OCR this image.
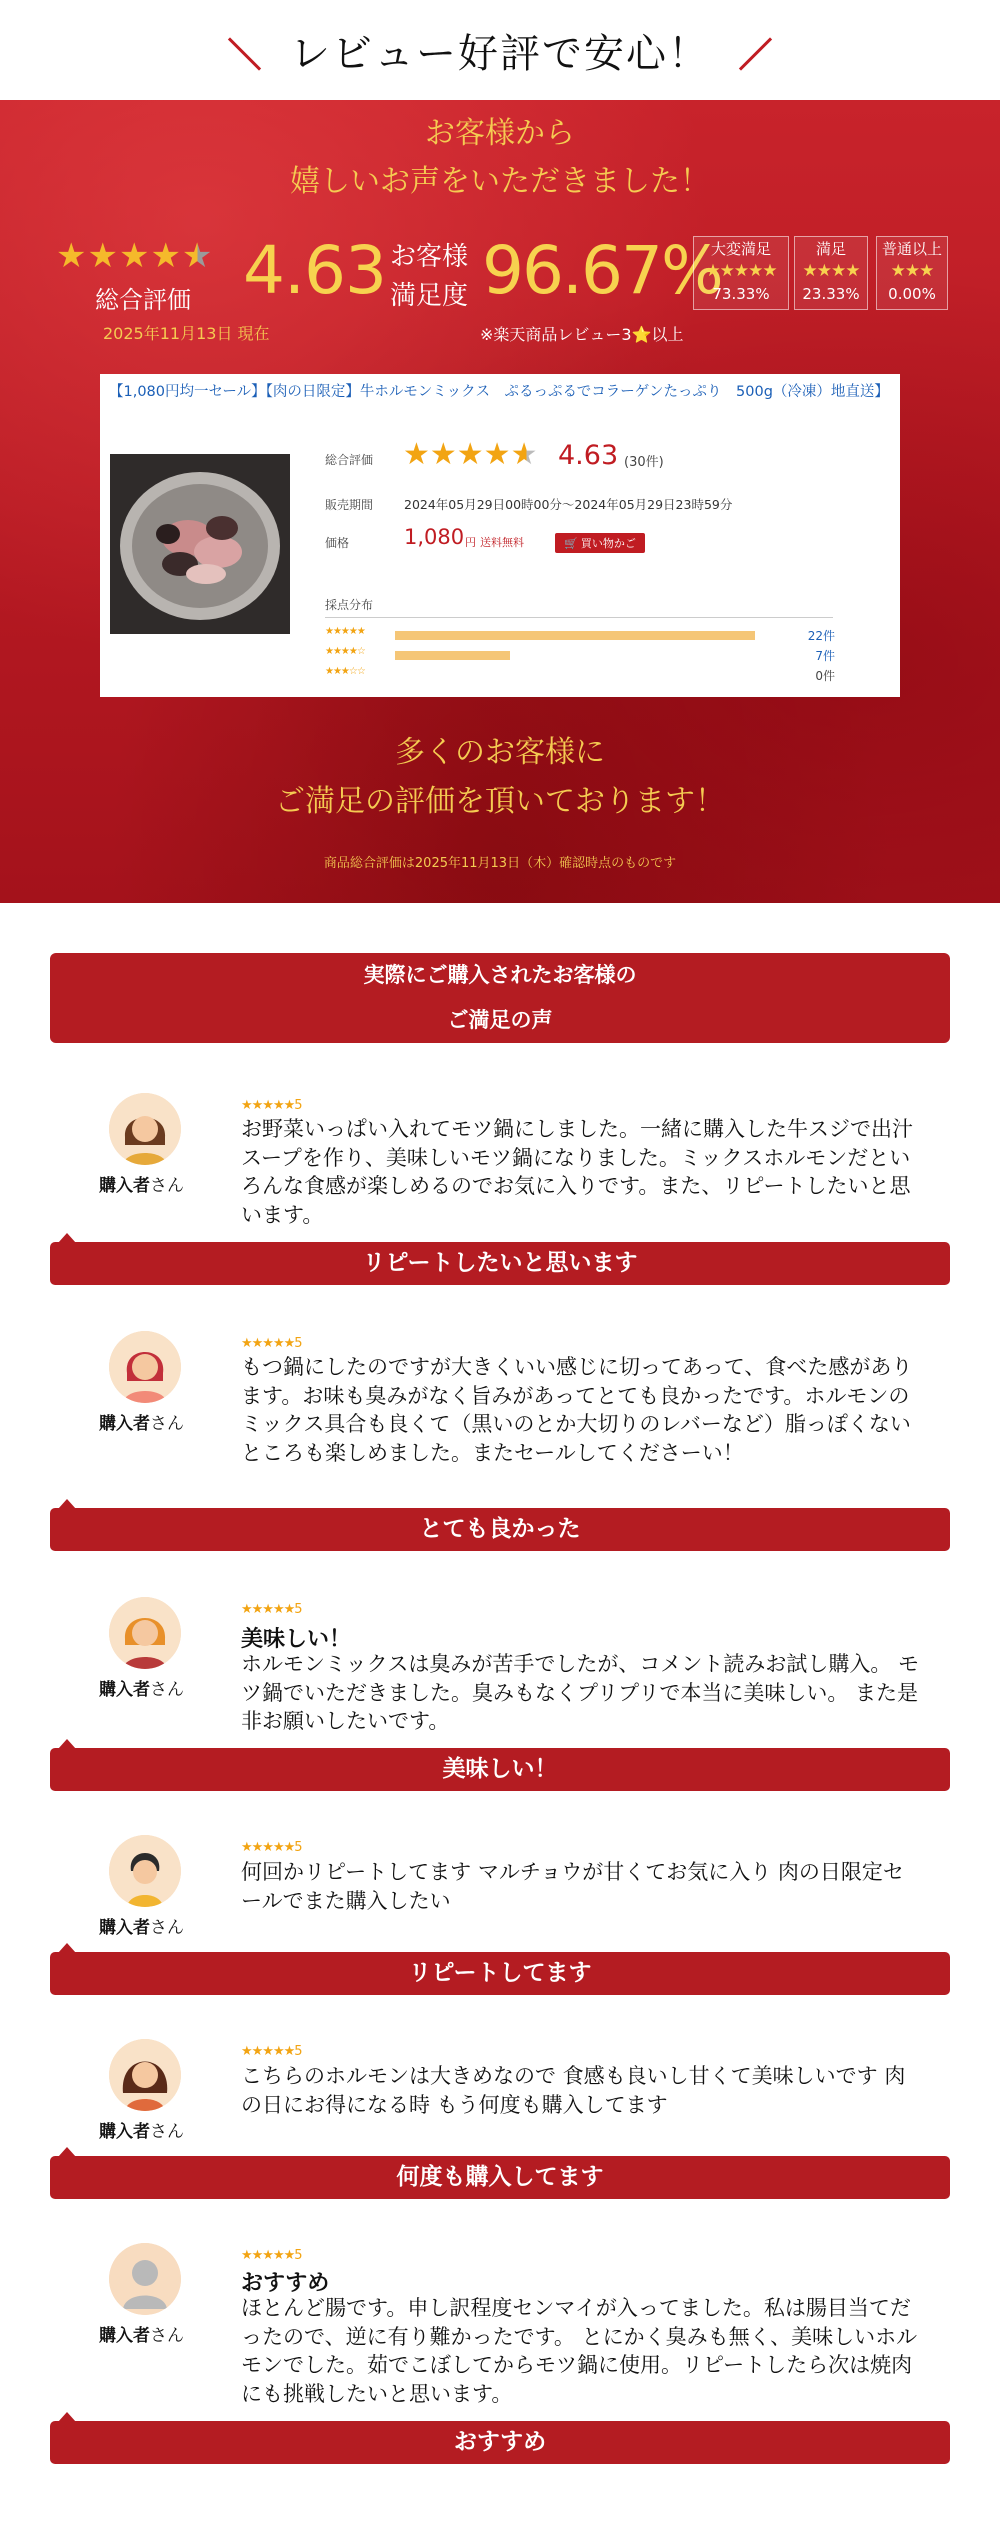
レビュー好評で安心！
お客様から
嬉しいお声をいただきました！
★★★★★
総合評価
2025年11月13日 現在
4.63 お客様
満足度 96.67%
※楽天商品レビュー3⭐以上
大変満足
★★★★★
73.33%
満足
★★★★
23.33%
普通以上
★★★
0.00%
【1,080円均一セール】【肉の日限定】牛ホルモンミックス　ぷるっぷるでコラーゲンたっぷり　500g（冷凍）地直送】
総合評価 ★★★★★ 4.63 (30件)
販売期間 2024年05月29日00時00分～2024年05月29日23時59分
価格	1,080 円 送料無料	🛒 買い物かご
採点分布
★★★★★	22件
★★★★☆	7件
★★★☆☆	0件
多くのお客様に
ご満足の評価を頂いております！
商品総合評価は2025年11月13日（木）確認時点のものです
実際にご購入されたお客様の
ご満足の声
購入者さん
★★★★★5
お野菜いっぱい入れてモツ鍋にしました。一緒に購入した牛スジで出汁スープを作り、美味しいモツ鍋になりました。ミックスホルモンだといろんな食感が楽しめるのでお気に入りです。また、リピートしたいと思います。
リピートしたいと思います
購入者さん
★★★★★5
もつ鍋にしたのですが大きくいい感じに切ってあって、食べた感があります。お味も臭みがなく旨みがあってとても良かったです。ホルモンのミックス具合も良くて（黒いのとか大切りのレバーなど）脂っぽくないところも楽しめました。またセールしてくださーい！
とても良かった
購入者さん
★★★★★5
美味しい！
ホルモンミックスは臭みが苦手でしたが、コメント読みお試し購入。 モツ鍋でいただきました。臭みもなくプリプリで本当に美味しい。 また是非お願いしたいです。
美味しい！
購入者さん
★★★★★5
何回かリピートしてます マルチョウが甘くてお気に入り 肉の日限定セールでまた購入したい
リピートしてます
購入者さん
★★★★★5
こちらのホルモンは大きめなので 食感も良いし甘くて美味しいです 肉の日にお得になる時 もう何度も購入してます
何度も購入してます
購入者さん
★★★★★5
おすすめ
ほとんど腸です。申し訳程度センマイが入ってました。私は腸目当てだったので、逆に有り難かったです。 とにかく臭みも無く、美味しいホルモンでした。茹でこぼしてからモツ鍋に使用。リピートしたら次は焼肉にも挑戦したいと思います。
おすすめ
